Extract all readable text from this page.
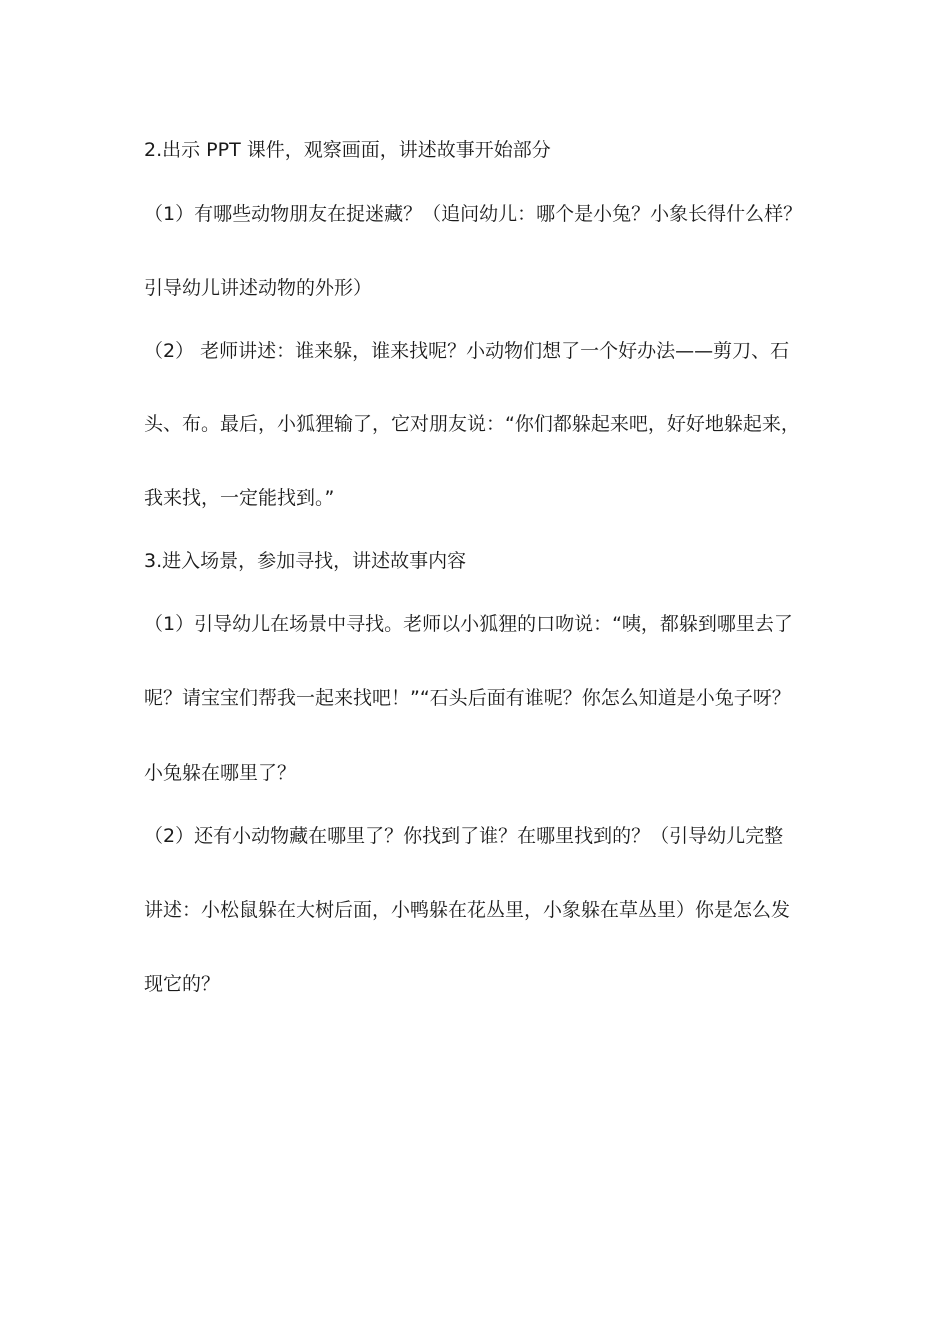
2.出示 PPT 课件，观察画面，讲述故事开始部分
（1）有哪些动物朋友在捉迷藏？（追问幼儿：哪个是小兔？小象长得什么样？
引导幼儿讲述动物的外形）
（2） 老师讲述：谁来躲，谁来找呢？小动物们想了一个好办法——剪刀、石
头、布。最后，小狐狸输了，它对朋友说：“你们都躲起来吧，好好地躲起来，
我来找，一定能找到。”
3.进入场景，参加寻找，讲述故事内容
（1）引导幼儿在场景中寻找。老师以小狐狸的口吻说：“咦，都躲到哪里去了
呢？请宝宝们帮我一起来找吧！”“石头后面有谁呢？你怎么知道是小兔子呀？
小兔躲在哪里了？
（2）还有小动物藏在哪里了？你找到了谁？在哪里找到的？（引导幼儿完整
讲述：小松鼠躲在大树后面，小鸭躲在花丛里，小象躲在草丛里）你是怎么发
现它的？
